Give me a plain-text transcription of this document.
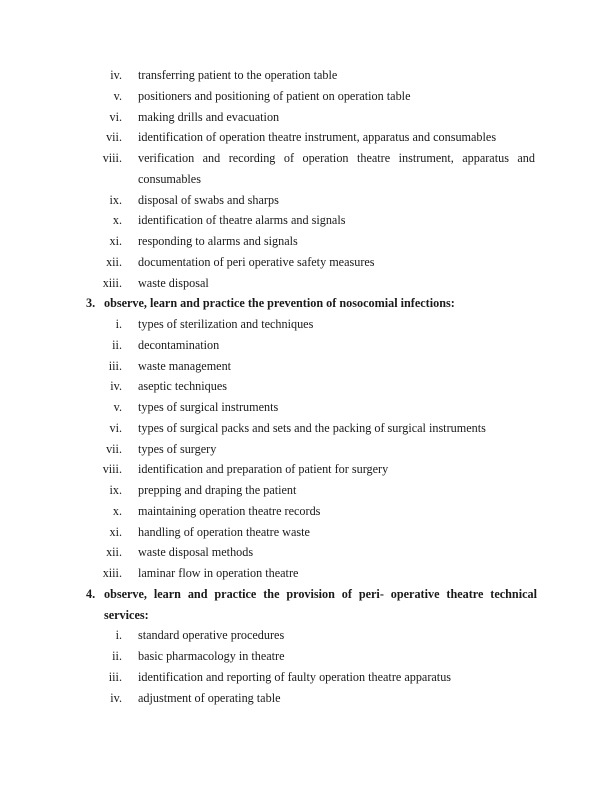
iv. transferring patient to the operation table
v. positioners and positioning of patient on operation table
vi. making drills and evacuation
vii. identification of operation theatre instrument, apparatus and consumables
viii. verification and recording of operation theatre instrument, apparatus and
consumables
ix. disposal of swabs and sharps
x. identification of theatre alarms and signals
xi. responding to alarms and signals
xii. documentation of peri operative safety measures
xiii. waste disposal
3. observe, learn and practice the prevention of nosocomial infections:
i. types of sterilization and techniques
ii. decontamination
iii. waste management
iv. aseptic techniques
v. types of surgical instruments
vi. types of surgical packs and sets and the packing of surgical instruments
vii. types of surgery
viii. identification and preparation of patient for surgery
ix. prepping and draping the patient
x. maintaining operation theatre records
xi. handling of operation theatre waste
xii. waste disposal methods
xiii. laminar flow in operation theatre
4. observe, learn and practice the provision of peri- operative theatre technical
services:
i. standard operative procedures
ii. basic pharmacology in theatre
iii. identification and reporting of faulty operation theatre apparatus
iv. adjustment of operating table
